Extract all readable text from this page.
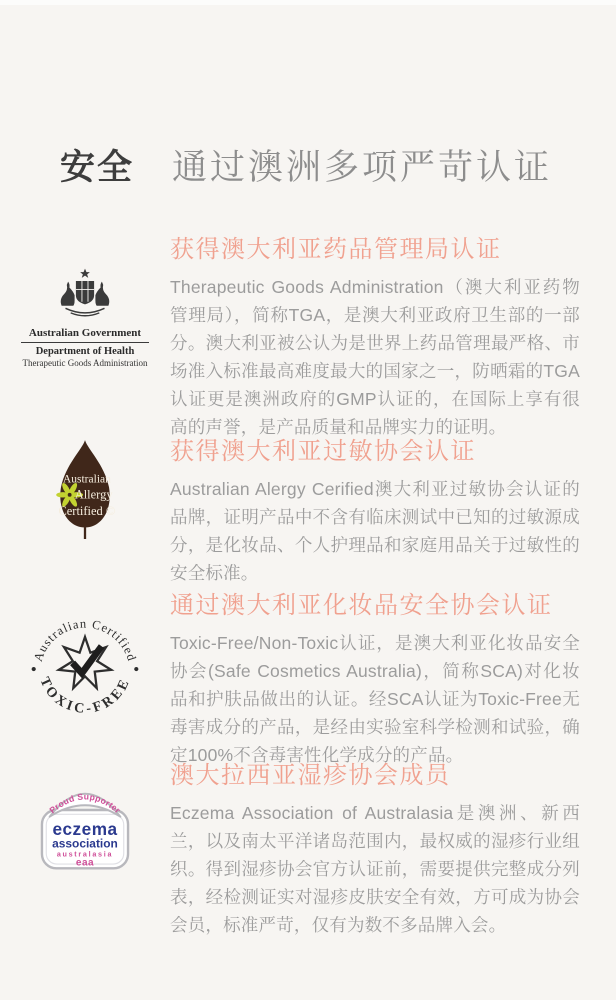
安全 通过澳洲多项严苛认证
Australian Government
Department of Health
Therapeutic Goods Administration
获得澳大利亚药品管理局认证

Therapeutic Goods Administration（澳大利亚药物管理局），简称TGA，是澳大利亚政府卫生部的一部分。澳大利亚被公认为是世界上药品管理最严格、市场准入标准最高难度最大的国家之一，防晒霜的TGA认证更是澳洲政府的GMP认证的，在国际上享有很高的声誉，是产品质量和品牌实力的证明。

Australian
Allergy
Certified ©
获得澳大利亚过敏协会认证

Australian Alergy Cerified澳大利亚过敏协会认证的品牌，证明产品中不含有临床测试中已知的过敏源成分，是化妆品、个人护理品和家庭用品关于过敏性的安全标准。

Australian Certified
TOXIC-FREE
通过澳大利亚化妆品安全协会认证

Toxic-Free/Non-Toxic认证，是澳大利亚化妆品安全协会(Safe Cosmetics Australia)，简称SCA)对化妆品和护肤品做出的认证。经SCA认证为Toxic-Free无毒害成分的产品，是经由实验室科学检测和试验，确定100%不含毒害性化学成分的产品。

Proud Supporter
eczema
association
australasia
eaa
澳大拉西亚湿疹协会成员

Eczema Association of Australasia是澳洲、新西兰，以及南太平洋诸岛范围内，最权威的湿疹行业组织。得到湿疹协会官方认证前，需要提供完整成分列表，经检测证实对湿疹皮肤安全有效，方可成为协会会员，标准严苛，仅有为数不多品牌入会。
